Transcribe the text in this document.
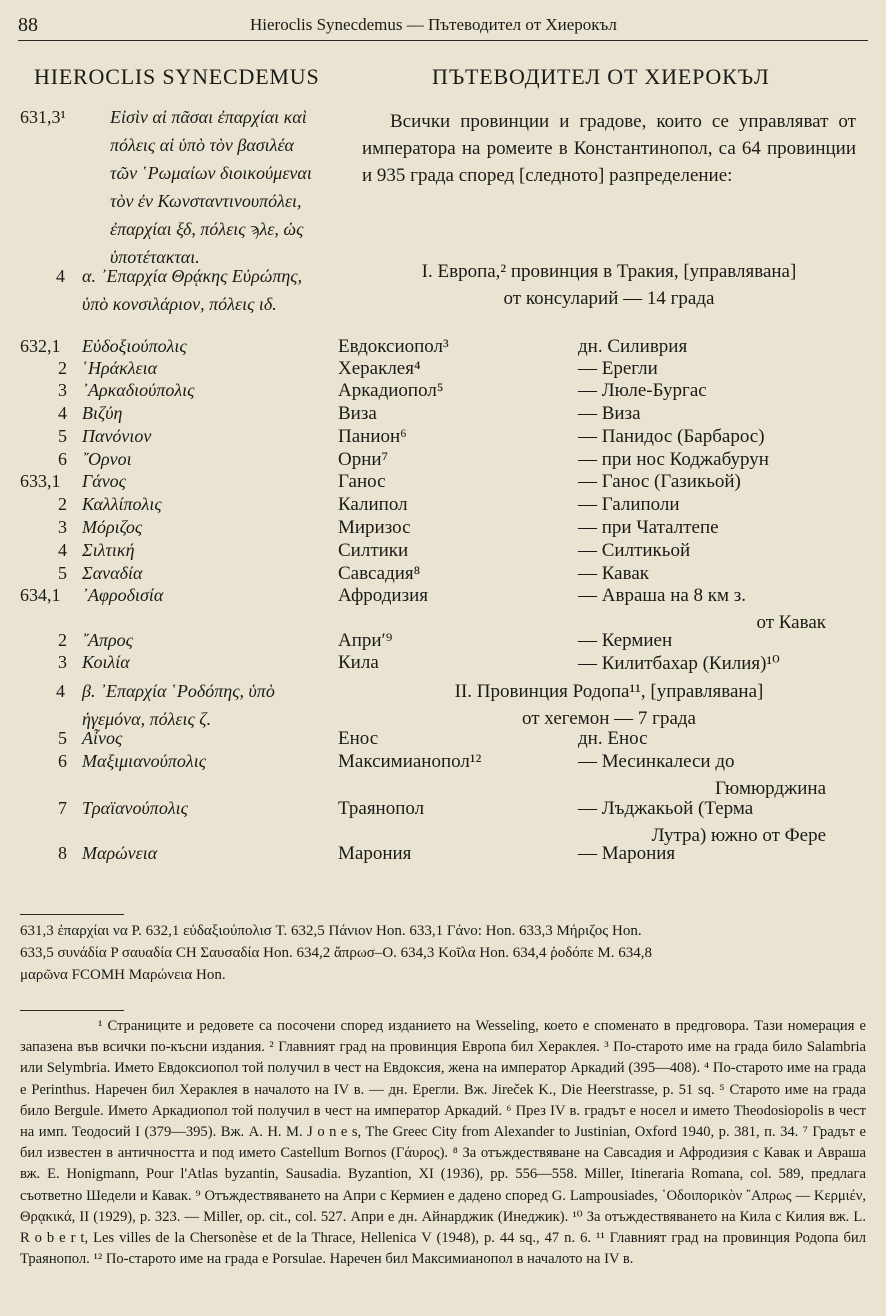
88	Hieroclis Synecdemus — Пътеводител от Хиерокъл
HIEROCLIS SYNECDEMUS	ПЪТЕВОДИТЕЛ ОТ ХИЕРОКЪЛ
631,3¹	Εἰσὶν αἱ πᾶσαι ἐπαρχίαι καὶ πόλεις αἱ ὑπὸ τὸν βασιλέα τῶν ῾Ρωμαίων διοικούμεναι τὸν ἐν Κωνσταντινουπόλει, ἐπαρχίαι ξδ, πόλεις ϡλε, ὡς ὑποτέτακται.
Всички провинции и градове, които се управляват от императора на ромеите в Константинопол, са 64 провинции и 935 града според [следното] разпределение:
4 α. ᾿Επαρχία Θρᾴκης Εὐρώπης, ὑπὸ κονσιλάριον, πόλεις ιδ.
I. Европа,² провинция в Тракия, [управлявана]
от консуларий — 14 града
632,1	Εὐδοξιούπολις	Евдоксиопол³	дн. Силиврия
2 ῾Ηράκλεια	Хераклея⁴	— Ерегли
3 ᾿Αρκαδιούπολις	Аркадиопол⁵	— Люле-Бургас
4 Βιζύη	Виза	— Виза
5 Πανόνιον	Панион⁶	— Панидос (Барбарос)
6 ῎Ορνοι	Орни⁷	— при нос Коджабурун
633,1	Γάνος	Ганос	— Ганос (Газикьой)
2 Καλλίπολις	Калипол	— Галиполи
3 Μόριζος	Миризос	— при Чаталтепе
4 Σιλτική	Силтики	— Силтикьой
5 Σαναδία	Савсадия⁸	— Кавак
634,1	᾿Αφροδισία	Афродизия	— Авраша на 8 км з.
от Кавак
2 ῎Απρος	Априʹ⁹	— Кермиен
3 Κοιλία	Кила	— Килитбахар (Килия)¹⁰
4 β. ᾿Επαρχία ῾Ροδόπης, ὑπὸ ἡγεμόνα, πόλεις ζ.
II. Провинция Родопа¹¹, [управлявана]
от хегемон — 7 града
5 Αἶνος	Енос	дн. Енос
6 Μαξιμιανούπολις	Максимианопол¹²	— Месинкалеси до
Гюмюрджина
7 Τραϊανούπολις	Траянопол	— Лъджакьой (Терма
Лутра) южно от Фере
8 Μαρώνεια	Марония	— Марония
631,3 ἐπαρχίαι να P. 632,1 εὐδαξιούπολισ T. 632,5 Πάνιον Hon. 633,1 Γάνο: Hon. 633,3 Μήριζος Hon.
633,5 συνάδία P σαυαδία CH Σαυσαδία Hon. 634,2 ἄπρωσ–O. 634,3 Κοῖλα Hon. 634,4 ῥοδόπε M. 634,8
μαρῶνα FCOMH Μαρώνεια Hon.

¹ Страниците и редовете са посочени според изданието на Wesseling, което е споменато в предговора. Тази номерация е запазена във всички по-късни издания. ² Главният град на провинция Европа бил Хераклея. ³ По-старото име на града било Salambria или Selymbria. Името Евдоксиопол той получил в чест на Евдоксия, жена на император Аркадий (395—408). ⁴ По-старото име на града е Perinthus. Наречен бил Хераклея в началото на IV в. — дн. Ерегли. Вж. Jireček K., Die Heerstrasse, p. 51 sq. ⁵ Старото име на града било Bergule. Името Аркадиопол той получил в чест на император Аркадий. ⁶ През IV в. градът е носел и името Theodosiopolis в чест на имп. Теодосий I (379—395). Вж. A. H. M. J o n e s, The Greec City from Alexander to Justinian, Oxford 1940, p. 381, п. 34. ⁷ Градът е бил известен в античността и под името Castellum Bornos (Γάυρος). ⁸ За отъждествяване на Савсадия и Афродизия с Кавак и Авраша вж. E. Honigmann, Pour l'Atlas byzantin, Sausadia. Byzantion, XI (1936), pp. 556—558. Miller, Itineraria Romana, col. 589, предлага съответно Шедели и Кавак. ⁹ Отъждествяването на Апри с Кермиен е дадено според G. Lampousiades, ῾Οδοιπορικὸν ῎Απρως — Κερμιέν, Θρᾳκικά, II (1929), p. 323. — Miller, op. cit., col. 527. Апри е дн. Айнарджик (Инеджик). ¹⁰ За отъждествяването на Кила с Килия вж. L. R o b e r t, Les villes de la Chersonèse et de la Thrace, Hellenica V (1948), p. 44 sq., 47 n. 6. ¹¹ Главният град на провинция Родопа бил Траянопол. ¹² По-старото име на града е Porsulae. Наречен бил Максимианопол в началото на IV в.
